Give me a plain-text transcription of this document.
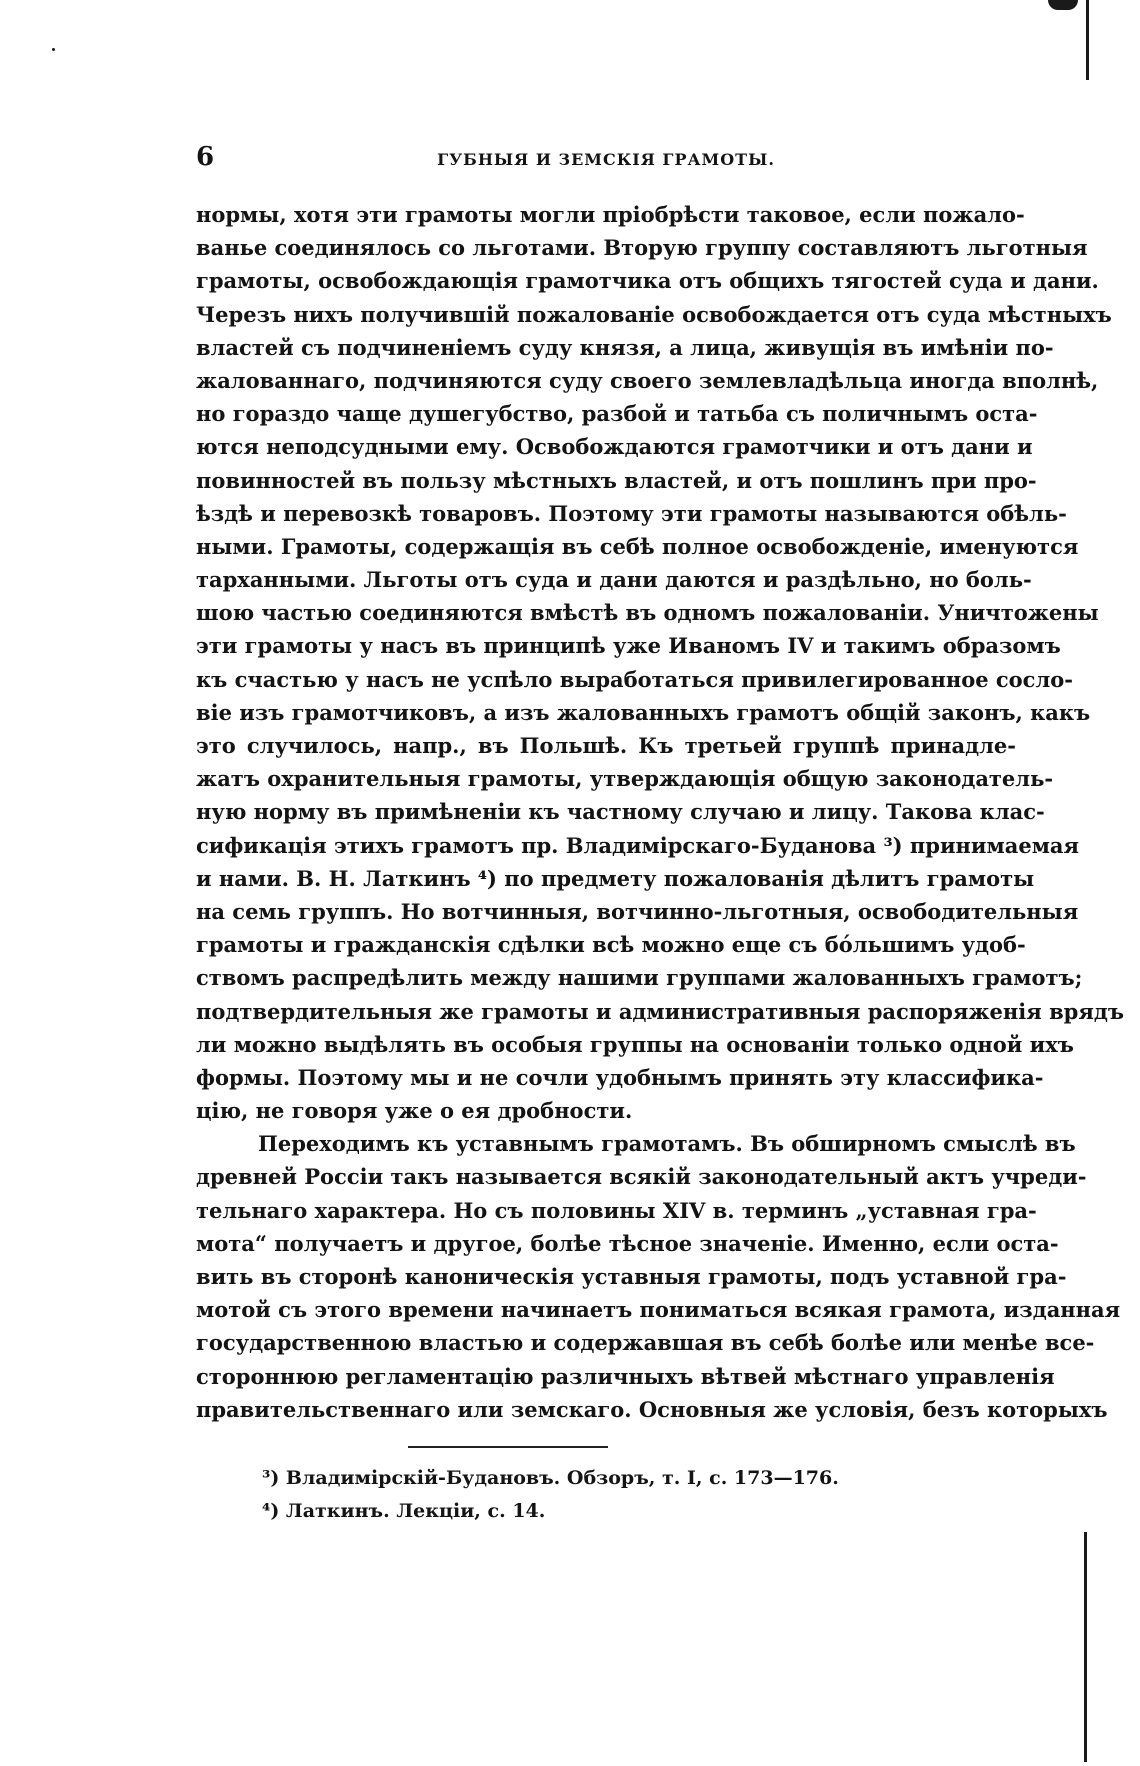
6	ГУБНЫЯ И ЗЕМСКІЯ ГРАМОТЫ.
нормы, хотя эти грамоты могли пріобрѣсти таковое, если пожало-
ванье соединялось со льготами. Вторую группу составляютъ льготныя
грамоты, освобождающія грамотчика отъ общихъ тягостей суда и дани.
Черезъ нихъ получившій пожалованіе освобождается отъ суда мѣстныхъ
властей съ подчиненіемъ суду князя, а лица, живущія въ имѣніи по-
жалованнаго, подчиняются суду своего землевладѣльца иногда вполнѣ,
но гораздо чаще душегубство, разбой и татьба съ поличнымъ оста-
ются неподсудными ему. Освобождаются грамотчики и отъ дани и
повинностей въ пользу мѣстныхъ властей, и отъ пошлинъ при про-
ѣздѣ и перевозкѣ товаровъ. Поэтому эти грамоты называются обѣль-
ными. Грамоты, содержащія въ себѣ полное освобожденіе, именуются
тарханными. Льготы отъ суда и дани даются и раздѣльно, но боль-
шою частью соединяются вмѣстѣ въ одномъ пожалованіи. Уничтожены
эти грамоты у насъ въ принципѣ уже Иваномъ IV и такимъ образомъ
къ счастью у насъ не успѣло выработаться привилегированное сосло-
віе изъ грамотчиковъ, а изъ жалованныхъ грамотъ общій законъ, какъ
это случилось, напр., въ Польшѣ. Къ третьей группѣ принадле-
жатъ охранительныя грамоты, утверждающія общую законодатель-
ную норму въ примѣненіи къ частному случаю и лицу. Такова клас-
сификація этихъ грамотъ пр. Владимірскаго-Буданова ³) принимаемая
и нами. В. Н. Латкинъ ⁴) по предмету пожалованія дѣлитъ грамоты
на семь группъ. Но вотчинныя, вотчинно-льготныя, освободительныя
грамоты и гражданскія сдѣлки всѣ можно еще съ бо́льшимъ удоб-
ствомъ распредѣлить между нашими группами жалованныхъ грамотъ;
подтвердительныя же грамоты и административныя распоряженія врядъ
ли можно выдѣлять въ особыя группы на основаніи только одной ихъ
формы. Поэтому мы и не сочли удобнымъ принять эту классифика-
цію, не говоря уже о ея дробности.
Переходимъ къ уставнымъ грамотамъ. Въ обширномъ смыслѣ въ
древней Россіи такъ называется всякій законодательный актъ учреди-
тельнаго характера. Но съ половины XIV в. терминъ „уставная гра-
мота“ получаетъ и другое, болѣе тѣсное значеніе. Именно, если оста-
вить въ сторонѣ каноническія уставныя грамоты, подъ уставной гра-
мотой съ этого времени начинаетъ пониматься всякая грамота, изданная
государственною властью и содержавшая въ себѣ болѣе или менѣе все-
стороннюю регламентацію различныхъ вѣтвей мѣстнаго управленія
правительственнаго или земскаго. Основныя же условія, безъ которыхъ
³) Владимірскій-Будановъ. Обзоръ, т. I, с. 173—176.
⁴) Латкинъ. Лекціи, с. 14.
